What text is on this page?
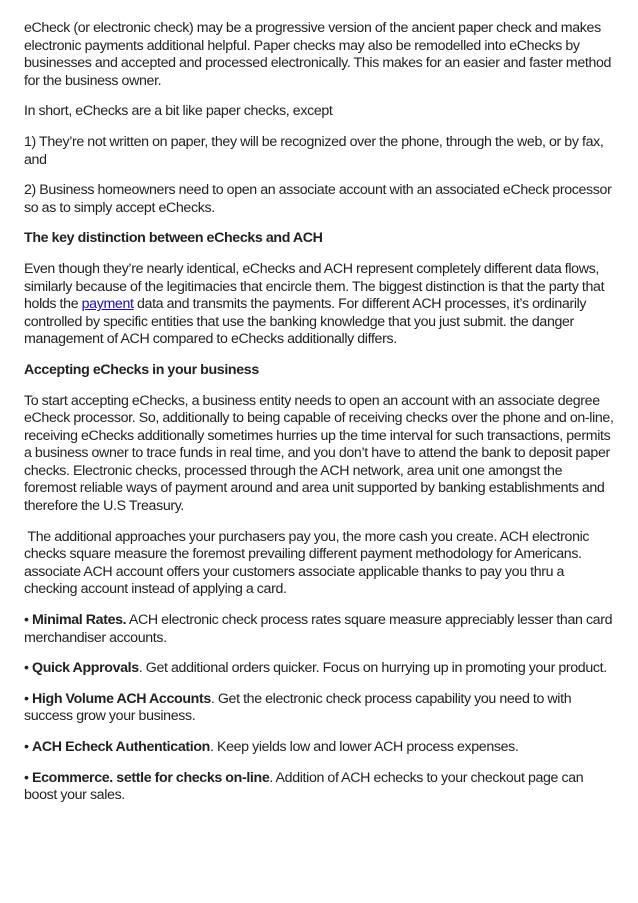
eCheck (or electronic check) may be a progressive version of the ancient paper check and makes electronic payments additional helpful. Paper checks may also be remodelled into eChecks by businesses and accepted and processed electronically. This makes for an easier and faster method for the business owner.

In short, eChecks are a bit like paper checks, except

1) They’re not written on paper, they will be recognized over the phone, through the web, or by fax, and

2) Business homeowners need to open an associate account with an associated eCheck processor so as to simply accept eChecks.

The key distinction between eChecks and ACH

Even though they’re nearly identical, eChecks and ACH represent completely different data flows, similarly because of the legitimacies that encircle them. The biggest distinction is that the party that holds the payment data and transmits the payments. For different ACH processes, it’s ordinarily controlled by specific entities that use the banking knowledge that you just submit. the danger management of ACH compared to eChecks additionally differs.

Accepting eChecks in your business

To start accepting eChecks, a business entity needs to open an account with an associate degree eCheck processor. So, additionally to being capable of receiving checks over the phone and on-line, receiving eChecks additionally sometimes hurries up the time interval for such transactions, permits a business owner to trace funds in real time, and you don’t have to attend the bank to deposit paper checks. Electronic checks, processed through the ACH network, area unit one amongst the foremost reliable ways of payment around and area unit supported by banking establishments and therefore the U.S Treasury.

The additional approaches your purchasers pay you, the more cash you create. ACH electronic checks square measure the foremost prevailing different payment methodology for Americans. associate ACH account offers your customers associate applicable thanks to pay you thru a checking account instead of applying a card.

• Minimal Rates. ACH electronic check process rates square measure appreciably lesser than card merchandiser accounts.

• Quick Approvals. Get additional orders quicker. Focus on hurrying up in promoting your product.

• High Volume ACH Accounts. Get the electronic check process capability you need to with success grow your business.

• ACH Echeck Authentication. Keep yields low and lower ACH process expenses.

• Ecommerce. settle for checks on-line. Addition of ACH echecks to your checkout page can boost your sales.
